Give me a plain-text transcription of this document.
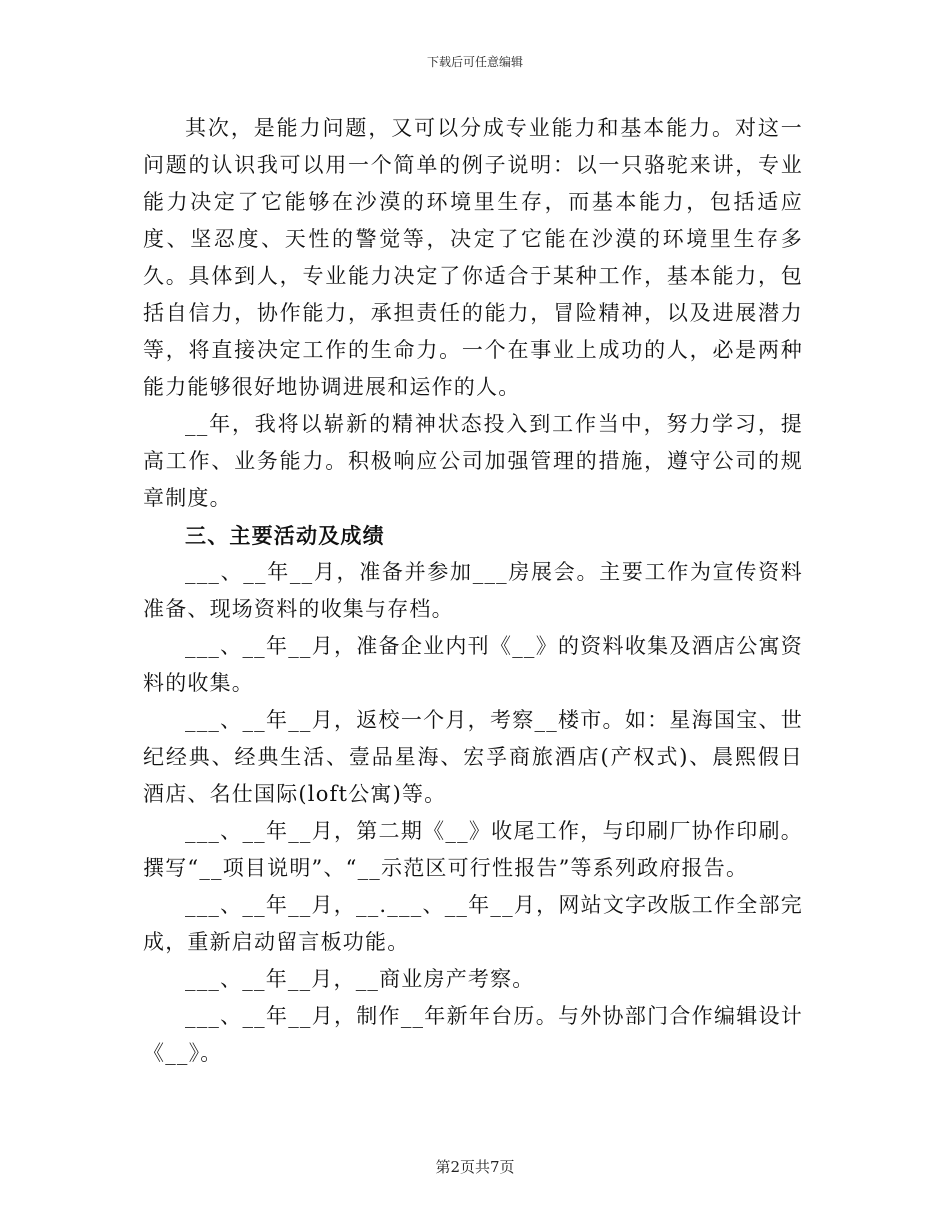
下载后可任意编辑

其次，是能力问题，又可以分成专业能力和基本能力。对这一问题的认识我可以用一个简单的例子说明：以一只骆驼来讲，专业能力决定了它能够在沙漠的环境里生存，而基本能力，包括适应度、坚忍度、天性的警觉等，决定了它能在沙漠的环境里生存多久。具体到人，专业能力决定了你适合于某种工作，基本能力，包括自信力，协作能力，承担责任的能力，冒险精神，以及进展潜力等，将直接决定工作的生命力。一个在事业上成功的人，必是两种能力能够很好地协调进展和运作的人。

__年，我将以崭新的精神状态投入到工作当中，努力学习，提高工作、业务能力。积极响应公司加强管理的措施，遵守公司的规章制度。

三、主要活动及成绩

___、__年__月，准备并参加___房展会。主要工作为宣传资料准备、现场资料的收集与存档。

___、__年__月，准备企业内刊《__》的资料收集及酒店公寓资料的收集。

___、__年__月，返校一个月，考察__楼市。如：星海国宝、世纪经典、经典生活、壹品星海、宏孚商旅酒店(产权式)、晨熙假日酒店、名仕国际(loft公寓)等。

___、__年__月，第二期《__》收尾工作，与印刷厂协作印刷。撰写“__项目说明”、“__示范区可行性报告”等系列政府报告。

___、__年__月，__.___、__年__月，网站文字改版工作全部完成，重新启动留言板功能。

___、__年__月，__商业房产考察。

___、__年__月，制作__年新年台历。与外协部门合作编辑设计《__》。

第2页共7页
